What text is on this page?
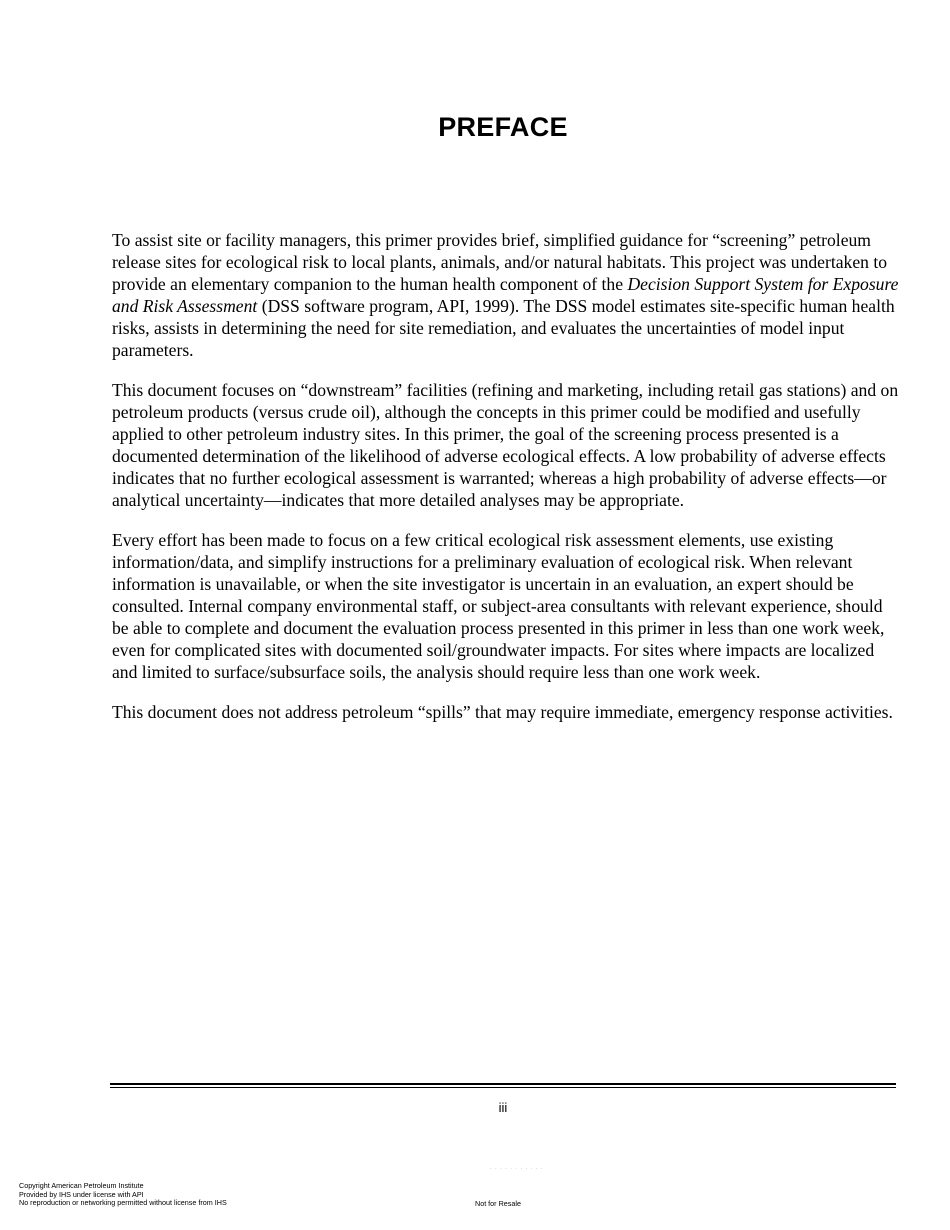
PREFACE

To assist site or facility managers, this primer provides brief, simplified guidance for “screening” petroleum release sites for ecological risk to local plants, animals, and/or natural habitats. This project was undertaken to provide an elementary companion to the human health component of the Decision Support System for Exposure and Risk Assessment (DSS software program, API, 1999). The DSS model estimates site-specific human health risks, assists in determining the need for site remediation, and evaluates the uncertainties of model input parameters.

This document focuses on “downstream” facilities (refining and marketing, including retail gas stations) and on petroleum products (versus crude oil), although the concepts in this primer could be modified and usefully applied to other petroleum industry sites. In this primer, the goal of the screening process presented is a documented determination of the likelihood of adverse ecological effects. A low probability of adverse effects indicates that no further ecological assessment is warranted; whereas a high probability of adverse effects—or analytical uncertainty—indicates that more detailed analyses may be appropriate.

Every effort has been made to focus on a few critical ecological risk assessment elements, use existing information/data, and simplify instructions for a preliminary evaluation of ecological risk. When relevant information is unavailable, or when the site investigator is uncertain in an evaluation, an expert should be consulted. Internal company environmental staff, or subject-area consultants with relevant experience, should be able to complete and document the evaluation process presented in this primer in less than one work week, even for complicated sites with documented soil/groundwater impacts. For sites where impacts are localized and limited to surface/subsurface soils, the analysis should require less than one work week.

This document does not address petroleum “spills” that may require immediate, emergency response activities.

iii
· · · · · · · · · · ·
Copyright American Petroleum Institute
Provided by IHS under license with API
No reproduction or networking permitted without license from IHS	Not for Resale
